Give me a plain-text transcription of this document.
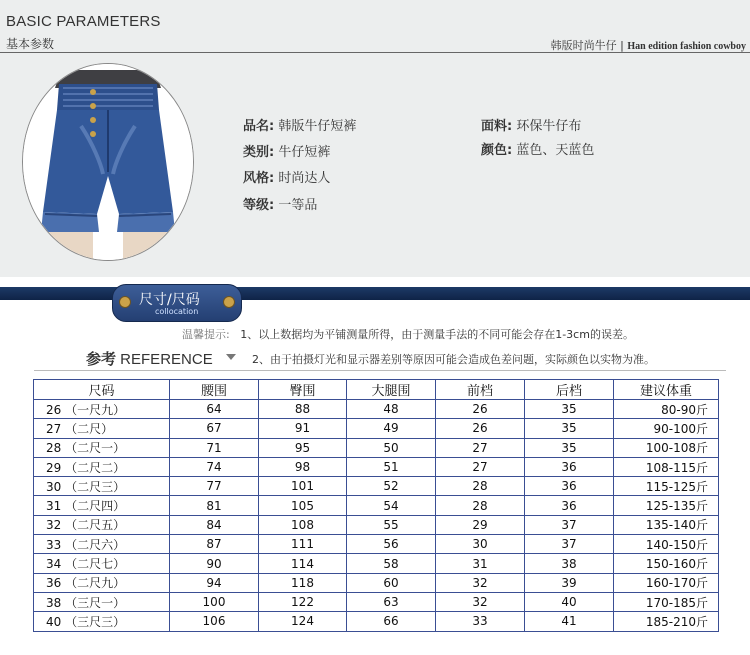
BASIC PARAMETERS
基本参数	韩版时尚牛仔 | Han edition fashion cowboy
品名: 韩版牛仔短裤
类别: 牛仔短裤
风格: 时尚达人
等级: 一等品
面料: 环保牛仔布
颜色: 蓝色、天蓝色
尺寸/尺码
collocation
温馨提示: 1、以上数据均为平铺测量所得，由于测量手法的不同可能会存在1-3cm的误差。
2、由于拍摄灯光和显示器差别等原因可能会造成色差问题，实际颜色以实物为准。
参考 REFERENCE
尺码	腰围	臀围	大腿围	前档	后档	建议体重
26 （一尺九）	64	88	48	26	35	80-90斤
27 （二尺）	67	91	49	26	35	90-100斤
28 （二尺一）	71	95	50	27	35	100-108斤
29 （二尺二）	74	98	51	27	36	108-115斤
30 （二尺三）	77	101	52	28	36	115-125斤
31 （二尺四）	81	105	54	28	36	125-135斤
32 （二尺五）	84	108	55	29	37	135-140斤
33 （二尺六）	87	111	56	30	37	140-150斤
34 （二尺七）	90	114	58	31	38	150-160斤
36 （二尺九）	94	118	60	32	39	160-170斤
38 （三尺一）	100	122	63	32	40	170-185斤
40 （三尺三）	106	124	66	33	41	185-210斤
